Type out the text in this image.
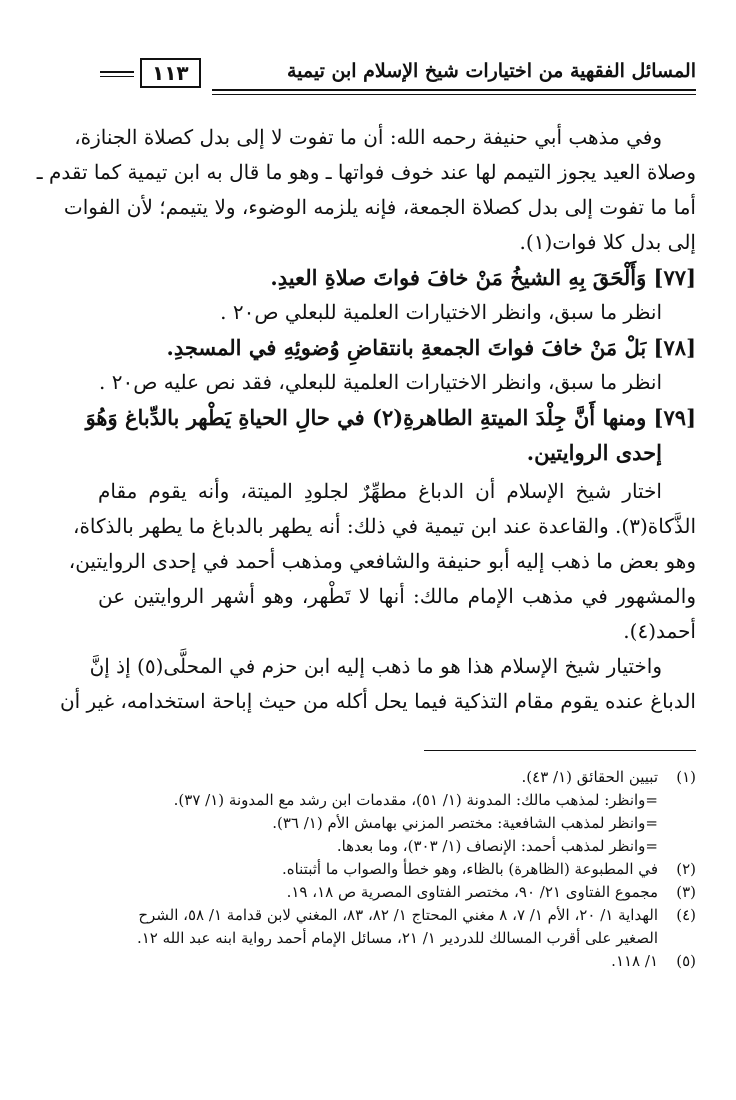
١١٣	المسائل الفقهية من اختيارات شيخ الإسلام ابن تيمية
وفي مذهب أبي حنيفة رحمه الله: أن ما تفوت لا إلى بدل كصلاة الجنازة،
وصلاة العيد يجوز التيمم لها عند خوف فواتها ـ وهو ما قال به ابن تيمية كما تقدم ـ
أما ما تفوت إلى بدل كصلاة الجمعة، فإنه يلزمه الوضوء، ولا يتيمم؛ لأن الفوات
إلى بدل كلا فوات(١).
[٧٧] وَأَلْحَقَ بِهِ الشيخُ مَنْ خافَ فواتَ صلاةِ العيدِ.
انظر ما سبق، وانظر الاختيارات العلمية للبعلي ص٢٠ .
[٧٨] بَلْ مَنْ خافَ فواتَ الجمعةِ بانتقاضِ وُضوئِهِ في المسجدِ.
انظر ما سبق، وانظر الاختيارات العلمية للبعلي، فقد نص عليه ص٢٠ .
[٧٩] ومنها أَنَّ جِلْدَ الميتةِ الطاهرةِ(٢) في حالِ الحياةِ يَطْهر بالدِّباغ وَهُوَ
إحدى الروايتين.
اختار شيخ الإسلام أن الدباغ مطهِّرٌ لجلودِ الميتة، وأنه يقوم مقام
الذَّكاة(٣). والقاعدة عند ابن تيمية في ذلك: أنه يطهر بالدباغ ما يطهر بالذكاة،
وهو بعض ما ذهب إليه أبو حنيفة والشافعي ومذهب أحمد في إحدى الروايتين،
والمشهور في مذهب الإمام مالك: أنها لا تَطْهر، وهو أشهر الروايتين عن
أحمد(٤).
واختيار شيخ الإسلام هذا هو ما ذهب إليه ابن حزم في المحلَّى(٥) إذ إنَّ
الدباغ عنده يقوم مقام التذكية فيما يحل أكله من حيث إباحة استخدامه، غير أن
(١)تبيين الحقائق (١/ ٤٣).
=وانظر: لمذهب مالك: المدونة (١/ ٥١)، مقدمات ابن رشد مع المدونة (١/ ٣٧).
=وانظر لمذهب الشافعية: مختصر المزني بهامش الأم (١/ ٣٦).
=وانظر لمذهب أحمد: الإنصاف (١/ ٣٠٣)، وما بعدها.
(٢)في المطبوعة (الظاهرة) بالظاء، وهو خطأ والصواب ما أثبتناه.
(٣)مجموع الفتاوى ٢١/ ٩٠، مختصر الفتاوى المصرية ص ١٨، ١٩.
(٤)الهداية ١/ ٢٠، الأم ١/ ٧، ٨ مغني المحتاج ١/ ٨٢، ٨٣، المغني لابن قدامة ١/ ٥٨، الشرح
الصغير على أقرب المسالك للدردير ١/ ٢١، مسائل الإمام أحمد رواية ابنه عبد الله ١٢.
(٥)١/ ١١٨.
